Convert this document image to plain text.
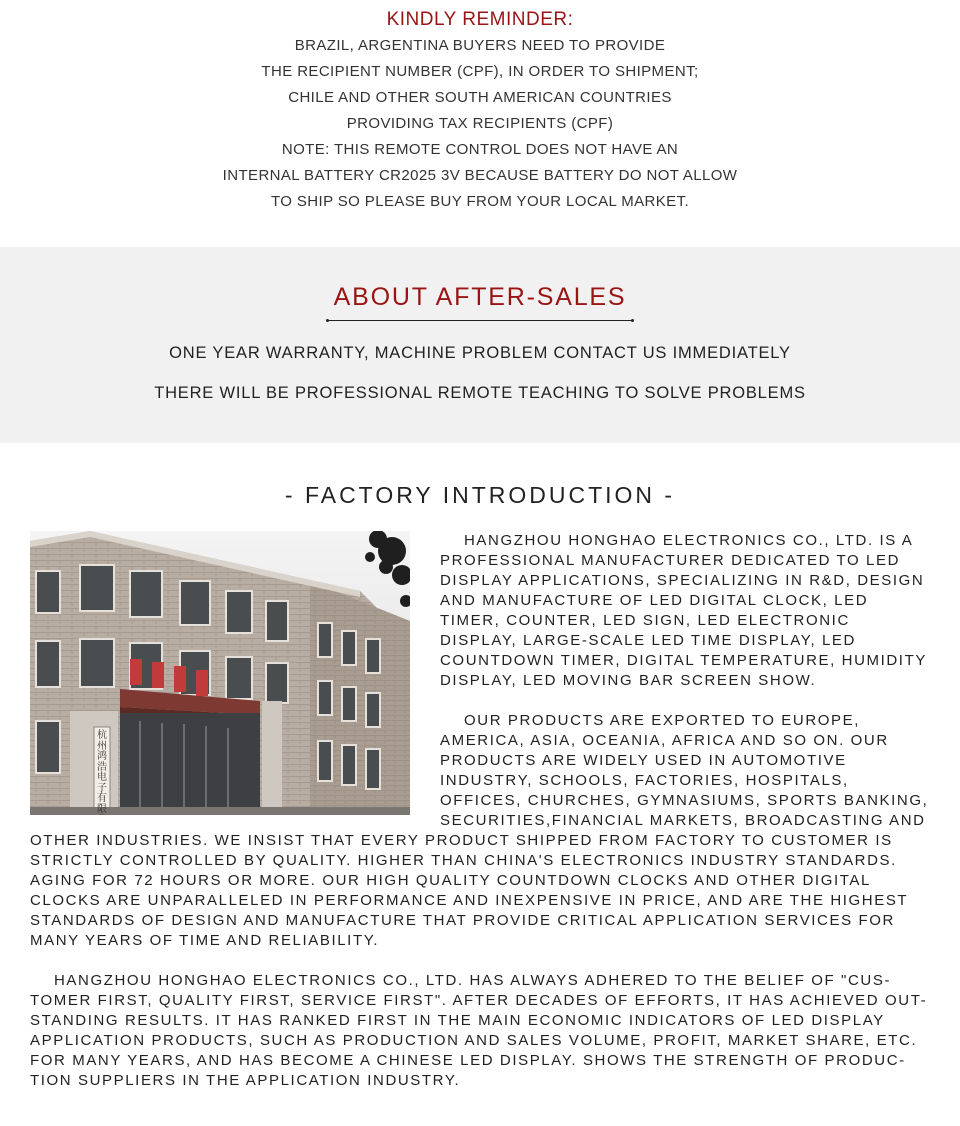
KINDLY REMINDER:
BRAZIL, ARGENTINA BUYERS NEED TO PROVIDE
THE RECIPIENT NUMBER (CPF), IN ORDER TO SHIPMENT;
CHILE AND OTHER SOUTH AMERICAN COUNTRIES
PROVIDING TAX RECIPIENTS (CPF)
NOTE: THIS REMOTE CONTROL DOES NOT HAVE AN
INTERNAL BATTERY CR2025 3V BECAUSE BATTERY DO NOT ALLOW
TO SHIP SO PLEASE BUY FROM YOUR LOCAL MARKET.
ABOUT AFTER-SALES
ONE YEAR WARRANTY, MACHINE PROBLEM CONTACT US IMMEDIATELY
THERE WILL BE PROFESSIONAL REMOTE TEACHING TO SOLVE PROBLEMS
- FACTORY INTRODUCTION -
杭州鸿浩电子有限

HANGZHOU HONGHAO ELECTRONICS CO., LTD. IS A PROFESSIONAL MANUFACTURER DEDICATED TO LED DISPLAY APPLICATIONS, SPECIALIZING IN R&D, DESIGN AND MANUFACTURE OF LED DIGITAL CLOCK, LED TIMER, COUNTER, LED SIGN, LED ELECTRONIC DISPLAY, LARGE-SCALE LED TIME DISPLAY, LED COUNTDOWN TIMER, DIGITAL TEMPERATURE, HUMIDITY DISPLAY, LED MOVING BAR SCREEN SHOW.

OUR PRODUCTS ARE EXPORTED TO EUROPE, AMERICA, ASIA, OCEANIA, AFRICA AND SO ON. OUR PRODUCTS ARE WIDELY USED IN AUTOMOTIVE INDUSTRY, SCHOOLS, FACTORIES, HOSPITALS, OFFICES, CHURCHES, GYMNASIUMS, SPORTS BANKING, SECURITIES,FINANCIAL MARKETS, BROADCASTING AND OTHER INDUSTRIES. WE INSIST THAT EVERY PRODUCT SHIPPED FROM FACTORY TO CUSTOMER IS STRICTLY CONTROLLED BY QUALITY. HIGHER THAN CHINA'S ELECTRONICS INDUSTRY STANDARDS. AGING FOR 72 HOURS OR MORE. OUR HIGH QUALITY COUNTDOWN CLOCKS AND OTHER DIGITAL CLOCKS ARE UNPARALLELED IN PERFORMANCE AND INEXPENSIVE IN PRICE, AND ARE THE HIGHEST STANDARDS OF DESIGN AND MANUFACTURE THAT PROVIDE CRITICAL APPLICATION SERVICES FOR MANY YEARS OF TIME AND RELIABILITY.

HANGZHOU HONGHAO ELECTRONICS CO., LTD. HAS ALWAYS ADHERED TO THE BELIEF OF "CUS-TOMER FIRST, QUALITY FIRST, SERVICE FIRST". AFTER DECADES OF EFFORTS, IT HAS ACHIEVED OUT-STANDING RESULTS. IT HAS RANKED FIRST IN THE MAIN ECONOMIC INDICATORS OF LED DISPLAY APPLICATION PRODUCTS, SUCH AS PRODUCTION AND SALES VOLUME, PROFIT, MARKET SHARE, ETC. FOR MANY YEARS, AND HAS BECOME A CHINESE LED DISPLAY. SHOWS THE STRENGTH OF PRODUC-TION SUPPLIERS IN THE APPLICATION INDUSTRY.
